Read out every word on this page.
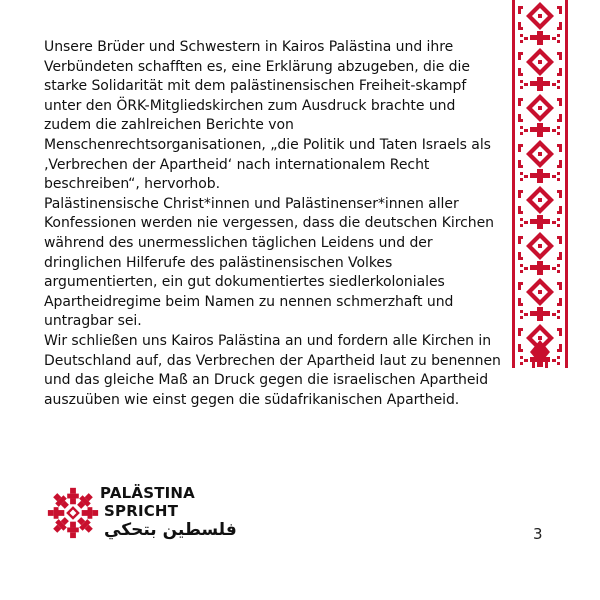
Unsere Brüder und Schwestern in Kairos Palästina und ihre Verbündeten schafften es, eine Erklärung abzugeben, die die starke Solidarität mit dem palästinensischen Freiheit-skampf unter den ÖRK-Mitgliedskirchen zum Ausdruck brachte und zudem die zahlreichen Berichte von Menschenrechtsorganisationen, „die Politik und Taten Israels als ‚Verbrechen der Apartheid‘ nach internationalem Recht beschreiben“, hervorhob.

Palästinensische Christ*innen und Palästinenser*innen aller Konfessionen werden nie vergessen, dass die deutschen Kirchen während des unermesslichen täglichen Leidens und der dringlichen Hilferufe des palästinensischen Volkes argumentierten, ein gut dokumentiertes siedlerkoloniales Apartheidregime beim Namen zu nennen schmerzhaft und untragbar sei.

Wir schließen uns Kairos Palästina an und fordern alle Kirchen in Deutschland auf, das Verbrechen der Apartheid laut zu benennen und das gleiche Maß an Druck gegen die israelischen Apartheid auszuüben wie einst gegen die südafrikanischen Apartheid.

PALÄSTINA
SPRICHT
فلسطين بتحكي	3
